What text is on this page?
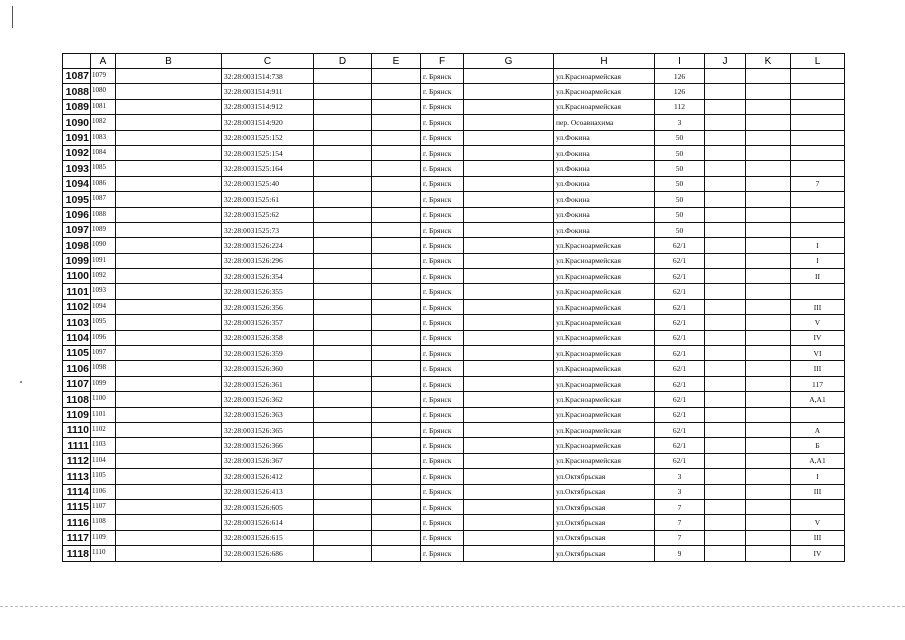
	A	B	C	D	E	F	G	H	I	J	K	L
1087	1079		32:28:0031514:738			г. Брянск		ул.Красноармейская	126			
1088	1080		32:28:0031514:911			г. Брянск		ул.Красноармейская	126			
1089	1081		32:28:0031514:912			г. Брянск		ул.Красноармейская	112			
1090	1082		32:28:0031514:920			г. Брянск		пер. Осоавиахима	3			
1091	1083		32:28:0031525:152			г. Брянск		ул.Фокина	50			
1092	1084		32:28:0031525:154			г. Брянск		ул.Фокина	50			
1093	1085		32:28:0031525:164			г. Брянск		ул.Фокина	50			
1094	1086		32:28:0031525:40			г. Брянск		ул.Фокина	50			7
1095	1087		32:28:0031525:61			г. Брянск		ул.Фокина	50			
1096	1088		32:28:0031525:62			г. Брянск		ул.Фокина	50			
1097	1089		32:28:0031525:73			г. Брянск		ул.Фокина	50			
1098	1090		32:28:0031526:224			г. Брянск		ул.Красноармейская	62/1			I
1099	1091		32:28:0031526:296			г. Брянск		ул.Красноармейская	62/1			I
1100	1092		32:28:0031526:354			г. Брянск		ул.Красноармейская	62/1			II
1101	1093		32:28:0031526:355			г. Брянск		ул.Красноармейская	62/1			
1102	1094		32:28:0031526:356			г. Брянск		ул.Красноармейская	62/1			III
1103	1095		32:28:0031526:357			г. Брянск		ул.Красноармейская	62/1			V
1104	1096		32:28:0031526:358			г. Брянск		ул.Красноармейская	62/1			IV
1105	1097		32:28:0031526:359			г. Брянск		ул.Красноармейская	62/1			VI
1106	1098		32:28:0031526:360			г. Брянск		ул.Красноармейская	62/1			III
1107	1099		32:28:0031526:361			г. Брянск		ул.Красноармейская	62/1			117
1108	1100		32:28:0031526:362			г. Брянск		ул.Красноармейская	62/1			А,А1
1109	1101		32:28:0031526:363			г. Брянск		ул.Красноармейская	62/1			
1110	1102		32:28:0031526:365			г. Брянск		ул.Красноармейская	62/1			А
1111	1103		32:28:0031526:366			г. Брянск		ул.Красноармейская	62/1			Б
1112	1104		32:28:0031526:367			г. Брянск		ул.Красноармейская	62/1			А,А1
1113	1105		32:28:0031526:412			г. Брянск		ул.Октябрьская	3			I
1114	1106		32:28:0031526:413			г. Брянск		ул.Октябрьская	3			III
1115	1107		32:28:0031526:605			г. Брянск		ул.Октябрьская	7			
1116	1108		32:28:0031526:614			г. Брянск		ул.Октябрьская	7			V
1117	1109		32:28:0031526:615			г. Брянск		ул.Октябрьская	7			III
1118	1110		32:28:0031526:686			г. Брянск		ул.Октябрьская	9			IV
